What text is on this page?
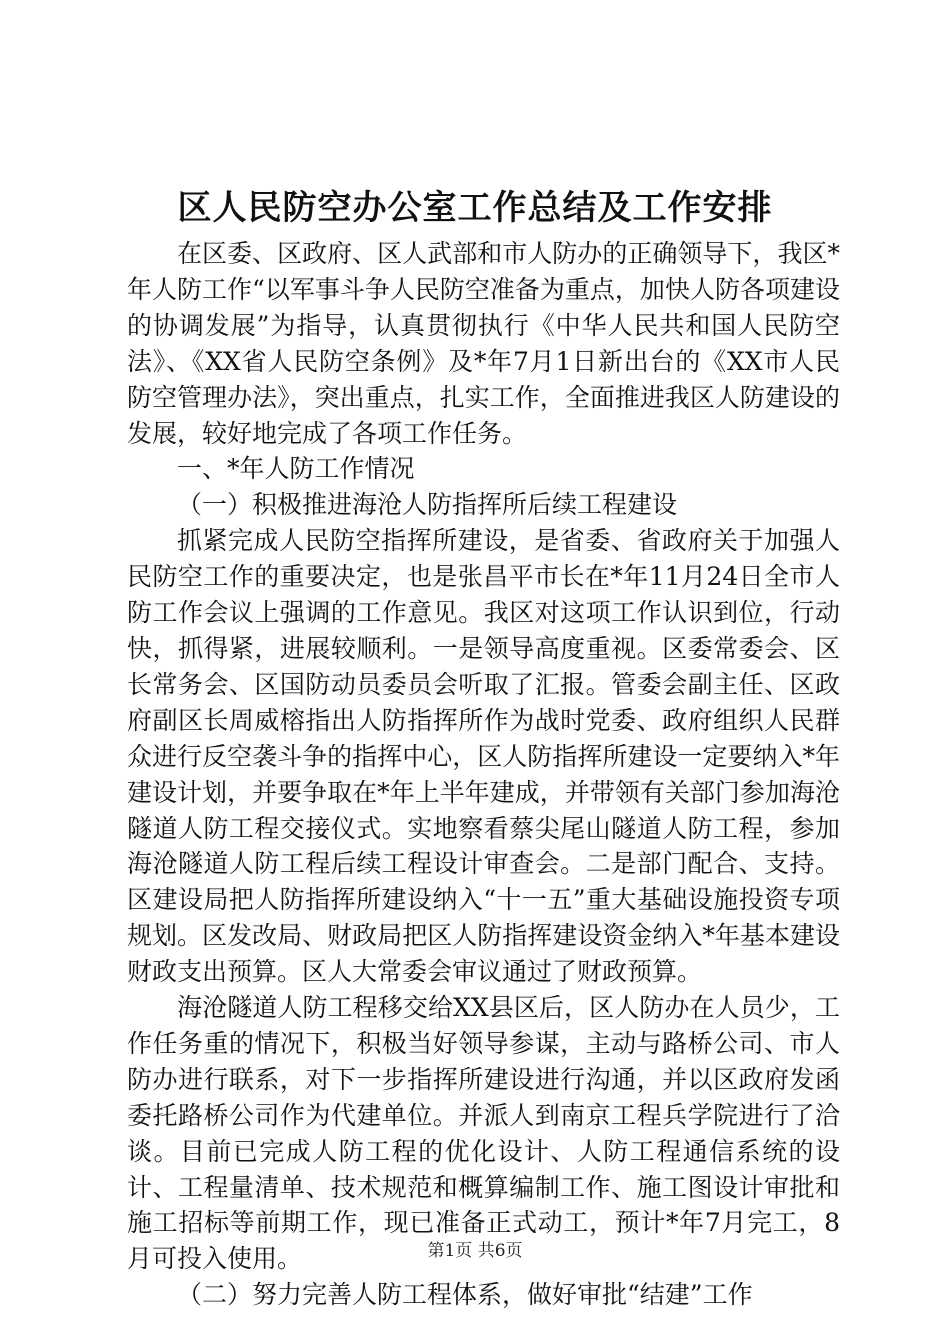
区人民防空办公室工作总结及工作安排

在区委、区政府、区人武部和市人防办的正确领导下，我区*年人防工作“以军事斗争人民防空准备为重点，加快人防各项建设的协调发展”为指导，认真贯彻执行《中华人民共和国人民防空法》、《XX省人民防空条例》及*年7月1日新出台的《XX市人民防空管理办法》，突出重点，扎实工作，全面推进我区人防建设的发展，较好地完成了各项工作任务。

一、*年人防工作情况

（一）积极推进海沧人防指挥所后续工程建设

抓紧完成人民防空指挥所建设，是省委、省政府关于加强人民防空工作的重要决定，也是张昌平市长在*年11月24日全市人防工作会议上强调的工作意见。我区对这项工作认识到位，行动快，抓得紧，进展较顺利。一是领导高度重视。区委常委会、区长常务会、区国防动员委员会听取了汇报。管委会副主任、区政府副区长周威榕指出人防指挥所作为战时党委、政府组织人民群众进行反空袭斗争的指挥中心，区人防指挥所建设一定要纳入*年建设计划，并要争取在*年上半年建成，并带领有关部门参加海沧隧道人防工程交接仪式。实地察看蔡尖尾山隧道人防工程，参加海沧隧道人防工程后续工程设计审查会。二是部门配合、支持。区建设局把人防指挥所建设纳入“十一五”重大基础设施投资专项规划。区发改局、财政局把区人防指挥建设资金纳入*年基本建设财政支出预算。区人大常委会审议通过了财政预算。

海沧隧道人防工程移交给XX县区后，区人防办在人员少，工作任务重的情况下，积极当好领导参谋，主动与路桥公司、市人防办进行联系，对下一步指挥所建设进行沟通，并以区政府发函委托路桥公司作为代建单位。并派人到南京工程兵学院进行了洽谈。目前已完成人防工程的优化设计、人防工程通信系统的设计、工程量清单、技术规范和概算编制工作、施工图设计审批和施工招标等前期工作，现已准备正式动工，预计*年7月完工，8月可投入使用。

（二）努力完善人防工程体系，做好审批“结建”工作

第1页 共6页
